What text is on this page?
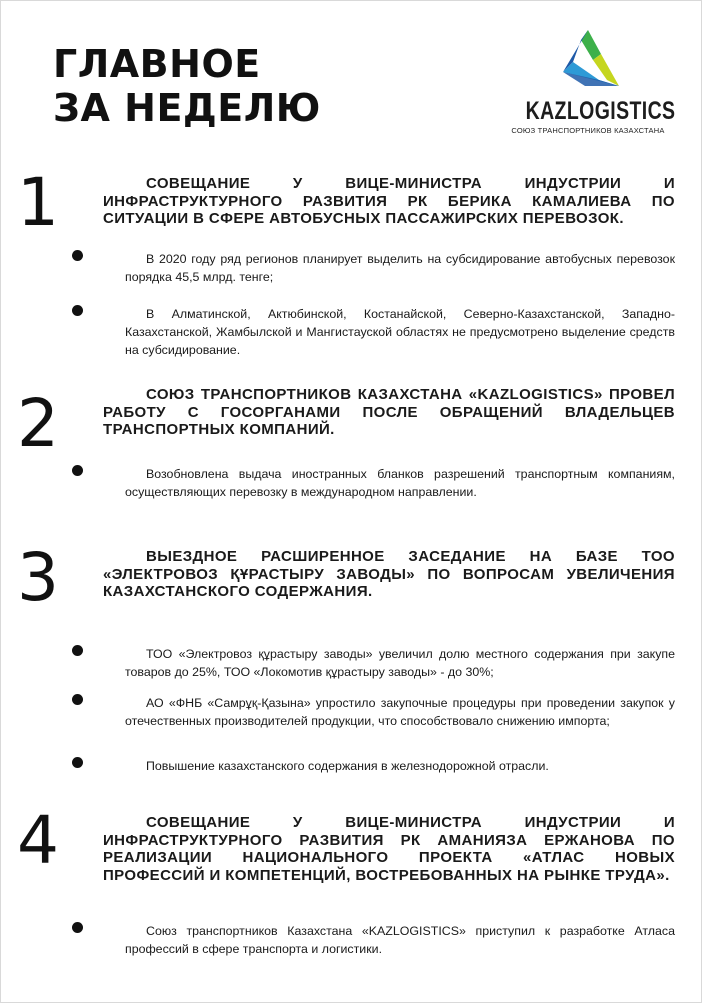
ГЛАВНОЕ
ЗА НЕДЕЛЮ	KAZLOGISTICS
СОЮЗ ТРАНСПОРТНИКОВ КАЗАХСТАНА
1	СОВЕЩАНИЕ У ВИЦЕ-МИНИСТРА ИНДУСТРИИ И ИНФРАСТРУКТУРНОГО РАЗВИТИЯ РК БЕРИКА КАМАЛИЕВА ПО СИТУАЦИИ В СФЕРЕ АВТОБУСНЫХ ПАССАЖИРСКИХ ПЕРЕВОЗОК.

В 2020 году ряд регионов планирует выделить на субсидирование автобусных перевозок порядка 45,5 млрд. тенге;
В Алматинской, Актюбинской, Костанайской, Северно-Казахстанской, Западно-Казахстанской, Жамбылской и Мангистауской областях не предусмотрено выделение средств на субсидирование.
2	СОЮЗ ТРАНСПОРТНИКОВ КАЗАХСТАНА «KAZLOGISTICS» ПРОВЕЛ РАБОТУ С ГОСОРГАНАМИ ПОСЛЕ ОБРАЩЕНИЙ ВЛАДЕЛЬЦЕВ ТРАНСПОРТНЫХ КОМПАНИЙ.

Возобновлена выдача иностранных бланков разрешений транспортным компаниям, осуществляющих перевозку в международном направлении.
3	ВЫЕЗДНОЕ РАСШИРЕННОЕ ЗАСЕДАНИЕ НА БАЗЕ ТОО «ЭЛЕКТРОВОЗ ҚҰРАСТЫРУ ЗАВОДЫ» ПО ВОПРОСАМ УВЕЛИЧЕНИЯ КАЗАХСТАНСКОГО СОДЕРЖАНИЯ.

ТОО «Электровоз құрастыру заводы» увеличил долю местного содержания при закупе товаров до 25%, ТОО «Локомотив құрастыру заводы» - до 30%;
АО «ФНБ «Самрұқ-Қазына» упростило закупочные процедуры при проведении закупок у отечественных производителей продукции, что способствовало снижению импорта;
Повышение казахстанского содержания в железнодорожной отрасли.
4	СОВЕЩАНИЕ У ВИЦЕ-МИНИСТРА ИНДУСТРИИ И ИНФРАСТРУКТУРНОГО РАЗВИТИЯ РК АМАНИЯЗА ЕРЖАНОВА ПО РЕАЛИЗАЦИИ НАЦИОНАЛЬНОГО ПРОЕКТА «АТЛАС НОВЫХ ПРОФЕССИЙ И КОМПЕТЕНЦИЙ, ВОСТРЕБОВАННЫХ НА РЫНКЕ ТРУДА».

Союз транспортников Казахстана «KAZLOGISTICS» приступил к разработке Атласа профессий в сфере транспорта и логистики.
